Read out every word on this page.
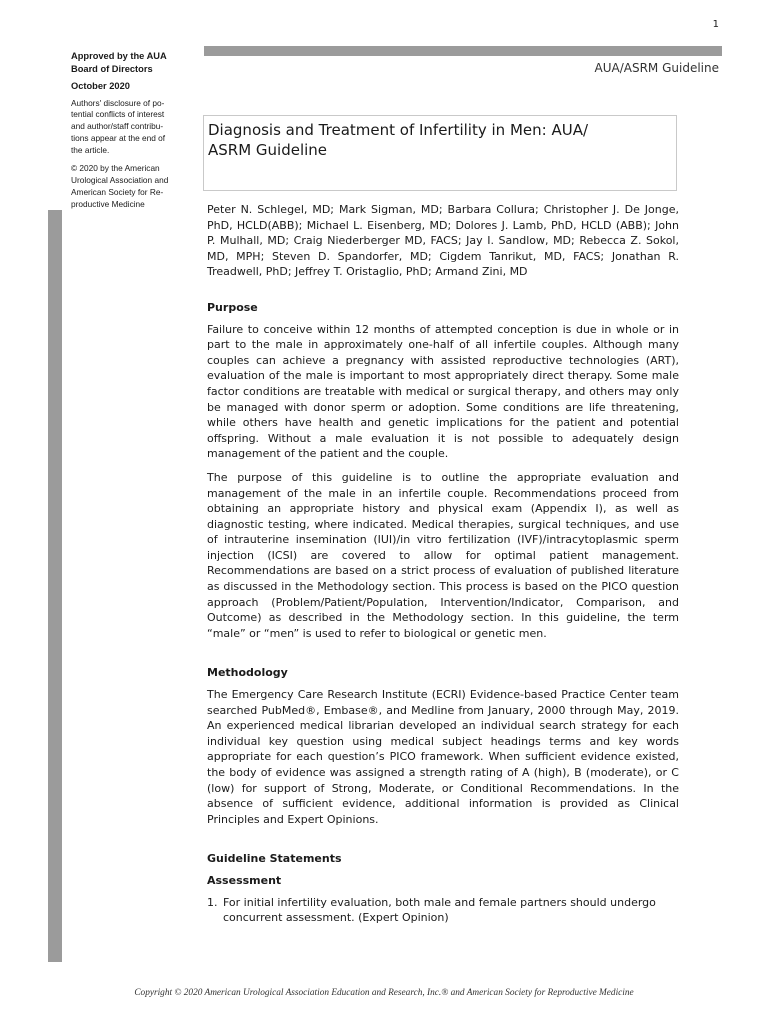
1

Approved by the AUA

Board of Directors

October 2020

Authors' disclosure of po-

tential conflicts of interest

and author/staff contribu-

tions appear at the end of

the article.

© 2020 by the American

Urological Association and

American Society for Re-

productive Medicine

AUA/ASRM Guideline
Diagnosis and Treatment of Infertility in Men: AUA/
ASRM Guideline

Peter N. Schlegel, MD; Mark Sigman, MD; Barbara Collura; Christopher J. De Jonge, PhD, HCLD(ABB); Michael L. Eisenberg, MD; Dolores J. Lamb, PhD, HCLD (ABB); John P. Mulhall, MD; Craig Niederberger MD, FACS; Jay I. Sandlow, MD; Rebecca Z. Sokol, MD, MPH; Steven D. Spandorfer, MD; Cigdem Tanrikut, MD, FACS; Jonathan R. Treadwell, PhD; Jeffrey T. Oristaglio, PhD; Armand Zini, MD

Purpose

Failure to conceive within 12 months of attempted conception is due in whole or in part to the male in approximately one-half of all infertile couples. Although many couples can achieve a pregnancy with assisted reproductive technologies (ART), evaluation of the male is important to most appropriately direct therapy. Some male factor conditions are treatable with medical or surgical therapy, and others may only be managed with donor sperm or adoption. Some conditions are life threatening, while others have health and genetic implications for the patient and potential offspring. Without a male evaluation it is not possible to adequately design management of the patient and the couple.

The purpose of this guideline is to outline the appropriate evaluation and management of the male in an infertile couple. Recommendations proceed from obtaining an appropriate history and physical exam (Appendix I), as well as diagnostic testing, where indicated. Medical therapies, surgical techniques, and use of intrauterine insemination (IUI)/in vitro fertilization (IVF)/intracytoplasmic sperm injection (ICSI) are covered to allow for optimal patient management. Recommendations are based on a strict process of evaluation of published literature as discussed in the Methodology section. This process is based on the PICO question approach (Problem/Patient/Population, Intervention/Indicator, Comparison, and Outcome) as described in the Methodology section. In this guideline, the term “male” or “men” is used to refer to biological or genetic men.

Methodology

The Emergency Care Research Institute (ECRI) Evidence-based Practice Center team searched PubMed®, Embase®, and Medline from January, 2000 through May, 2019. An experienced medical librarian developed an individual search strategy for each individual key question using medical subject headings terms and key words appropriate for each question’s PICO framework. When sufficient evidence existed, the body of evidence was assigned a strength rating of A (high), B (moderate), or C (low) for support of Strong, Moderate, or Conditional Recommendations. In the absence of sufficient evidence, additional information is provided as Clinical Principles and Expert Opinions.

Guideline Statements

Assessment

1. For initial infertility evaluation, both male and female partners should undergo concurrent assessment. (Expert Opinion)
Copyright © 2020 American Urological Association Education and Research, Inc.® and American Society for Reproductive Medicine
